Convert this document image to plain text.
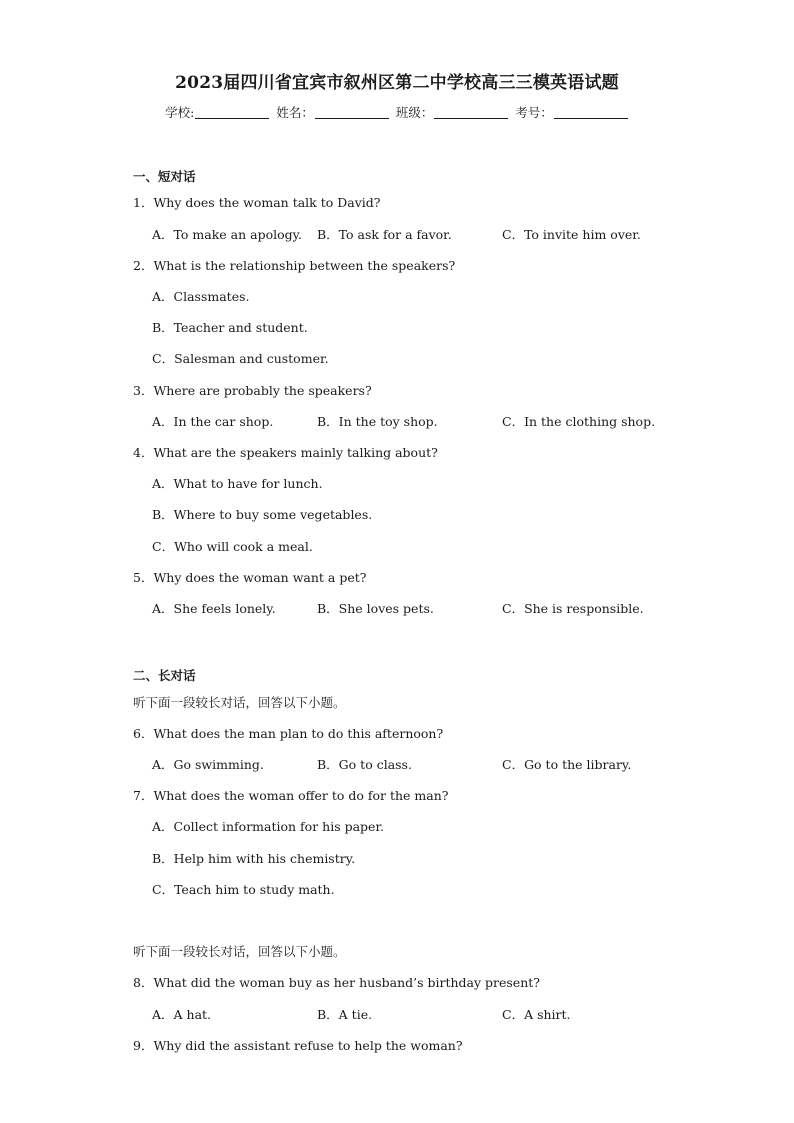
2023届四川省宜宾市叙州区第二中学校高三三模英语试题
学校:	姓名：	班级：	考号：
一、短对话
1．Why does the woman talk to David?
A．To make an apology. B．To ask for a favor.	C．To invite him over.
2．What is the relationship between the speakers?
A．Classmates.
B．Teacher and student.
C．Salesman and customer.
3．Where are probably the speakers?
A．In the car shop.	B．In the toy shop.	C．In the clothing shop.
4．What are the speakers mainly talking about?
A．What to have for lunch.
B．Where to buy some vegetables.
C．Who will cook a meal.
5．Why does the woman want a pet?
A．She feels lonely.	B．She loves pets.	C．She is responsible.
二、长对话
听下面一段较长对话，回答以下小题。
6．What does the man plan to do this afternoon?
A．Go swimming.	B．Go to class.	C．Go to the library.
7．What does the woman offer to do for the man?
A．Collect information for his paper.
B．Help him with his chemistry.
C．Teach him to study math.
听下面一段较长对话，回答以下小题。
8．What did the woman buy as her husband’s birthday present?
A．A hat.	B．A tie.	C．A shirt.
9．Why did the assistant refuse to help the woman?
